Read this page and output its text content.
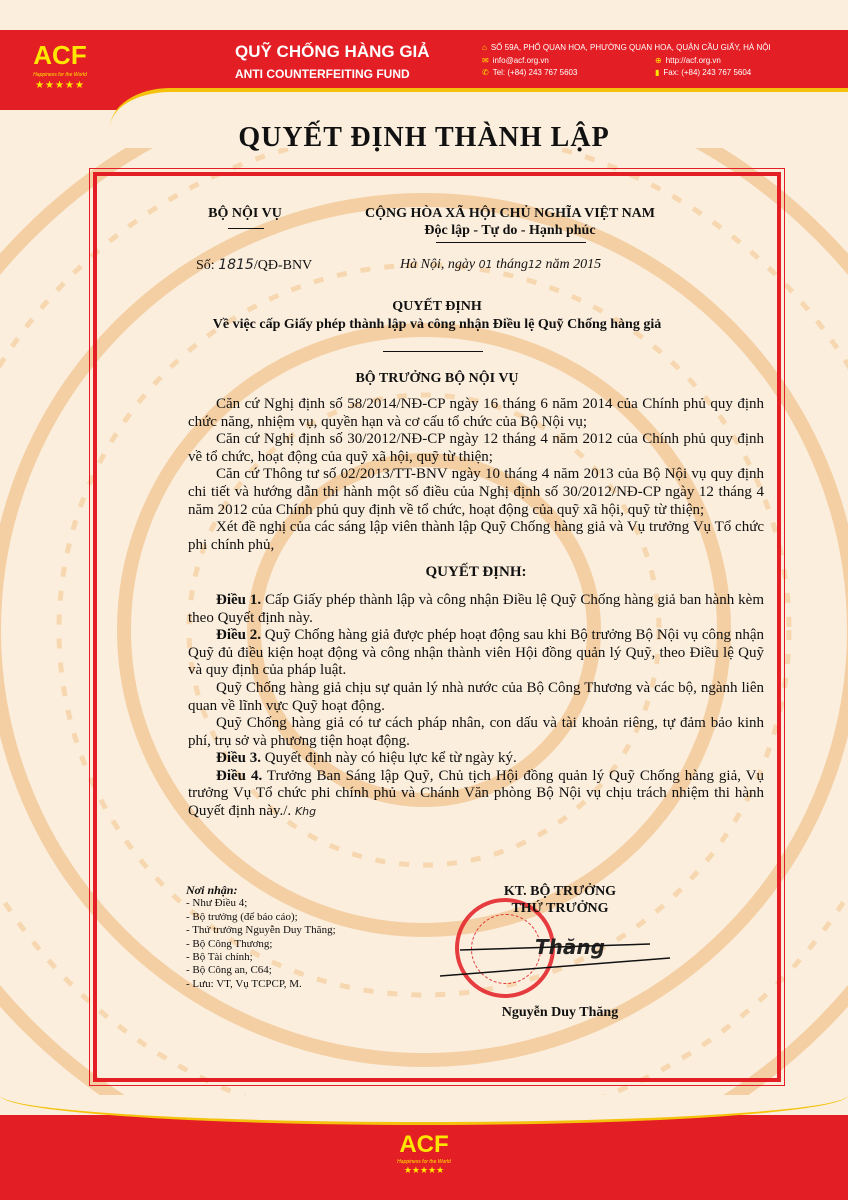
ACF
Happiness for the World
★★★★★
QUỸ CHỐNG HÀNG GIẢ
ANTI COUNTERFEITING FUND
⌂ SỐ 59A, PHỐ QUAN HOA, PHƯỜNG QUAN HOA, QUẬN CẦU GIẤY, HÀ NỘI
✉ info@acf.org.vn	⊕ http://acf.org.vn
✆ Tel: (+84) 243 767 5603	▮ Fax: (+84) 243 767 5604
QUYẾT ĐỊNH THÀNH LẬP
BỘ NỘI VỤ	CỘNG HÒA XÃ HỘI CHỦ NGHĨA VIỆT NAM
Độc lập - Tự do - Hạnh phúc
Số: 1815/QĐ-BNV	Hà Nội, ngày 01 tháng12 năm 2015
QUYẾT ĐỊNH
Về việc cấp Giấy phép thành lập và công nhận Điều lệ Quỹ Chống hàng giả
BỘ TRƯỞNG BỘ NỘI VỤ

Căn cứ Nghị định số 58/2014/NĐ-CP ngày 16 tháng 6 năm 2014 của Chính phủ quy định chức năng, nhiệm vụ, quyền hạn và cơ cấu tổ chức của Bộ Nội vụ;

Căn cứ Nghị định số 30/2012/NĐ-CP ngày 12 tháng 4 năm 2012 của Chính phủ quy định về tổ chức, hoạt động của quỹ xã hội, quỹ từ thiện;

Căn cứ Thông tư số 02/2013/TT-BNV ngày 10 tháng 4 năm 2013 của Bộ Nội vụ quy định chi tiết và hướng dẫn thi hành một số điều của Nghị định số 30/2012/NĐ-CP ngày 12 tháng 4 năm 2012 của Chính phủ quy định về tổ chức, hoạt động của quỹ xã hội, quỹ từ thiện;

Xét đề nghị của các sáng lập viên thành lập Quỹ Chống hàng giả và Vụ trưởng Vụ Tổ chức phi chính phủ,

QUYẾT ĐỊNH:

Điều 1. Cấp Giấy phép thành lập và công nhận Điều lệ Quỹ Chống hàng giả ban hành kèm theo Quyết định này.

Điều 2. Quỹ Chống hàng giả được phép hoạt động sau khi Bộ trưởng Bộ Nội vụ công nhận Quỹ đủ điều kiện hoạt động và công nhận thành viên Hội đồng quản lý Quỹ, theo Điều lệ Quỹ và quy định của pháp luật.

Quỹ Chống hàng giả chịu sự quản lý nhà nước của Bộ Công Thương và các bộ, ngành liên quan về lĩnh vực Quỹ hoạt động.

Quỹ Chống hàng giả có tư cách pháp nhân, con dấu và tài khoản riêng, tự đảm bảo kinh phí, trụ sở và phương tiện hoạt động.

Điều 3. Quyết định này có hiệu lực kể từ ngày ký.

Điều 4. Trưởng Ban Sáng lập Quỹ, Chủ tịch Hội đồng quản lý Quỹ Chống hàng giả, Vụ trưởng Vụ Tổ chức phi chính phủ và Chánh Văn phòng Bộ Nội vụ chịu trách nhiệm thi hành Quyết định này./. Khg

Nơi nhận:
- Như Điều 4;
- Bộ trưởng (để báo cáo);
- Thứ trưởng Nguyễn Duy Thăng;
- Bộ Công Thương;
- Bộ Tài chính;
- Bộ Công an, C64;
- Lưu: VT, Vụ TCPCP, M.
KT. BỘ TRƯỞNG
THỨ TRƯỞNG
Thăng
Nguyễn Duy Thăng
ACF
Happiness for the World
★★★★★
